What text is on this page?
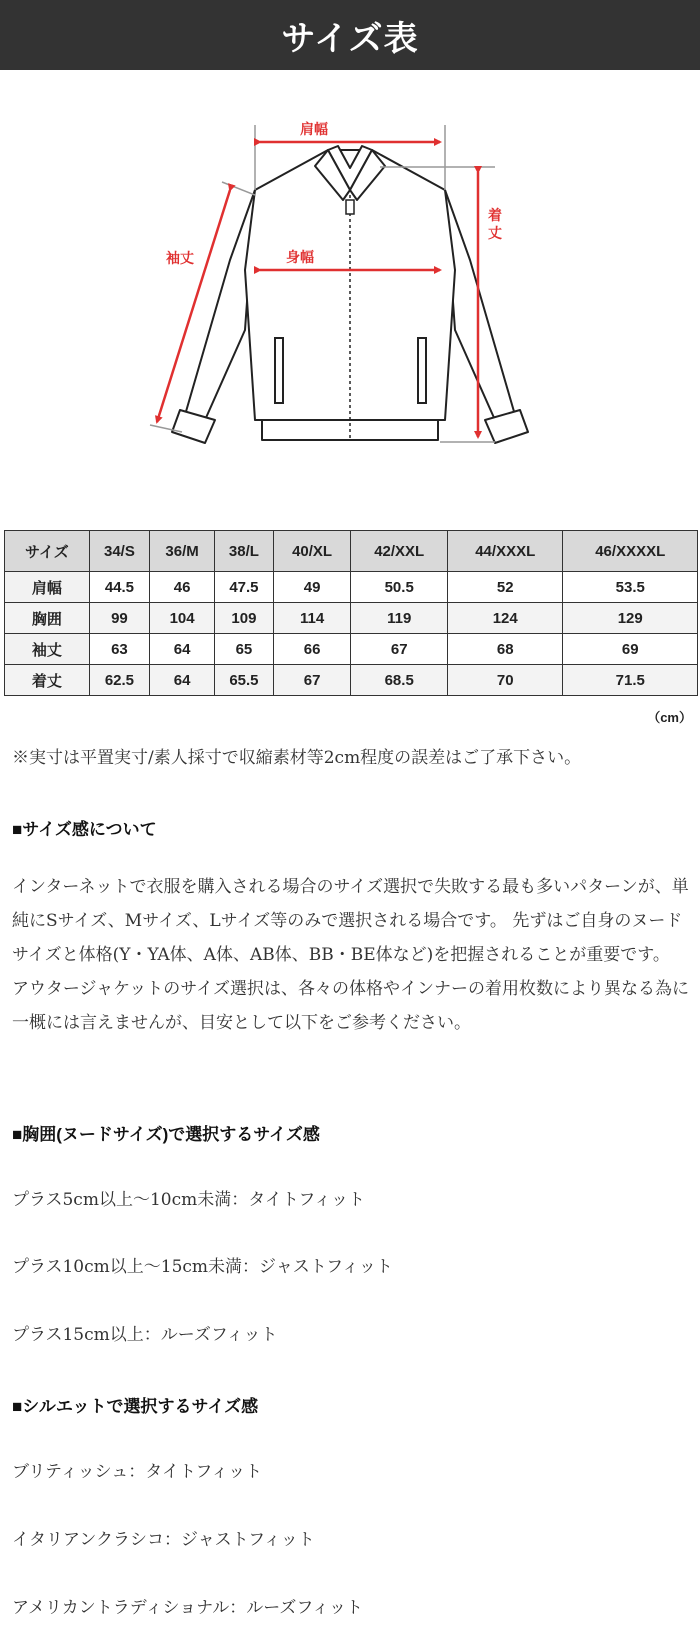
サイズ表
肩幅
身幅
袖丈
着
丈
サイズ	34/S	36/M	38/L	40/XL	42/XXL	44/XXXL	46/XXXXL
肩幅	44.5	46	47.5	49	50.5	52	53.5
胸囲	99	104	109	114	119	124	129
袖丈	63	64	65	66	67	68	69
着丈	62.5	64	65.5	67	68.5	70	71.5
（cm）
※実寸は平置実寸/素人採寸で収縮素材等2cm程度の誤差はご了承下さい。
■サイズ感について
インターネットで衣服を購入される場合のサイズ選択で失敗する最も多いパターンが、単純にSサイズ、Mサイズ、Lサイズ等のみで選択される場合です。 先ずはご自身のヌードサイズと体格(Y・YA体、A体、AB体、BB・BE体など)を把握されることが重要です。 アウタージャケットのサイズ選択は、各々の体格やインナーの着用枚数により異なる為に一概には言えませんが、目安として以下をご参考ください。
■胸囲(ヌードサイズ)で選択するサイズ感
プラス5cm以上〜10cm未満：タイトフィット
プラス10cm以上〜15cm未満：ジャストフィット
プラス15cm以上：ルーズフィット
■シルエットで選択するサイズ感
ブリティッシュ：タイトフィット
イタリアンクラシコ：ジャストフィット
アメリカントラディショナル：ルーズフィット
